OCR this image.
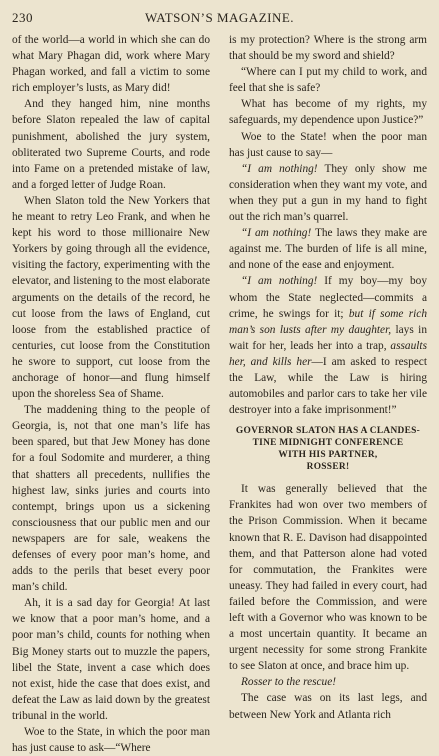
230	WATSON’S MAGAZINE.

of the world—a world in which she can do what Mary Phagan did, work where Mary Phagan worked, and fall a victim to some rich employer’s lusts, as Mary did!

And they hanged him, nine months before Slaton repealed the law of capital punishment, abolished the jury system, obliterated two Supreme Courts, and rode into Fame on a pretended mistake of law, and a forged letter of Judge Roan.

When Slaton told the New Yorkers that he meant to retry Leo Frank, and when he kept his word to those millionaire New Yorkers by going through all the evidence, visiting the factory, experimenting with the elevator, and listening to the most elaborate arguments on the details of the record, he cut loose from the laws of England, cut loose from the established practice of centuries, cut loose from the Constitution he swore to support, cut loose from the anchorage of honor—and flung himself upon the shoreless Sea of Shame.

The maddening thing to the people of Georgia, is, not that one man’s life has been spared, but that Jew Money has done for a foul Sodomite and murderer, a thing that shatters all precedents, nullifies the highest law, sinks juries and courts into contempt, brings upon us a sickening consciousness that our public men and our newspapers are for sale, weakens the defenses of every poor man’s home, and adds to the perils that beset every poor man’s child.

Ah, it is a sad day for Georgia! At last we know that a poor man’s home, and a poor man’s child, counts for nothing when Big Money starts out to muzzle the papers, libel the State, invent a case which does not exist, hide the case that does exist, and defeat the Law as laid down by the greatest tribunal in the world.

Woe to the State, in which the poor man has just cause to ask—“Where

is my protection? Where is the strong arm that should be my sword and shield?

“Where can I put my child to work, and feel that she is safe?

What has become of my rights, my safeguards, my dependence upon Justice?”

Woe to the State! when the poor man has just cause to say—

“I am nothing! They only show me consideration when they want my vote, and when they put a gun in my hand to fight out the rich man’s quarrel.

“I am nothing! The laws they make are against me. The burden of life is all mine, and none of the ease and enjoyment.

“I am nothing! If my boy—my boy whom the State neglected—commits a crime, he swings for it; but if some rich man’s son lusts after my daughter, lays in wait for her, leads her into a trap, assaults her, and kills her—I am asked to respect the Law, while the Law is hiring automobiles and parlor cars to take her vile destroyer into a fake imprisonment!”

GOVERNOR SLATON HAS A CLANDES-
TINE MIDNIGHT CONFERENCE
WITH HIS PARTNER,
ROSSER!

It was generally believed that the Frankites had won over two members of the Prison Commission. When it became known that R. E. Davison had disappointed them, and that Patterson alone had voted for commutation, the Frankites were uneasy. They had failed in every court, had failed before the Commission, and were left with a Governor who was known to be a most uncertain quantity. It became an urgent necessity for some strong Frankite to see Slaton at once, and brace him up.

Rosser to the rescue!

The case was on its last legs, and between New York and Atlanta rich
